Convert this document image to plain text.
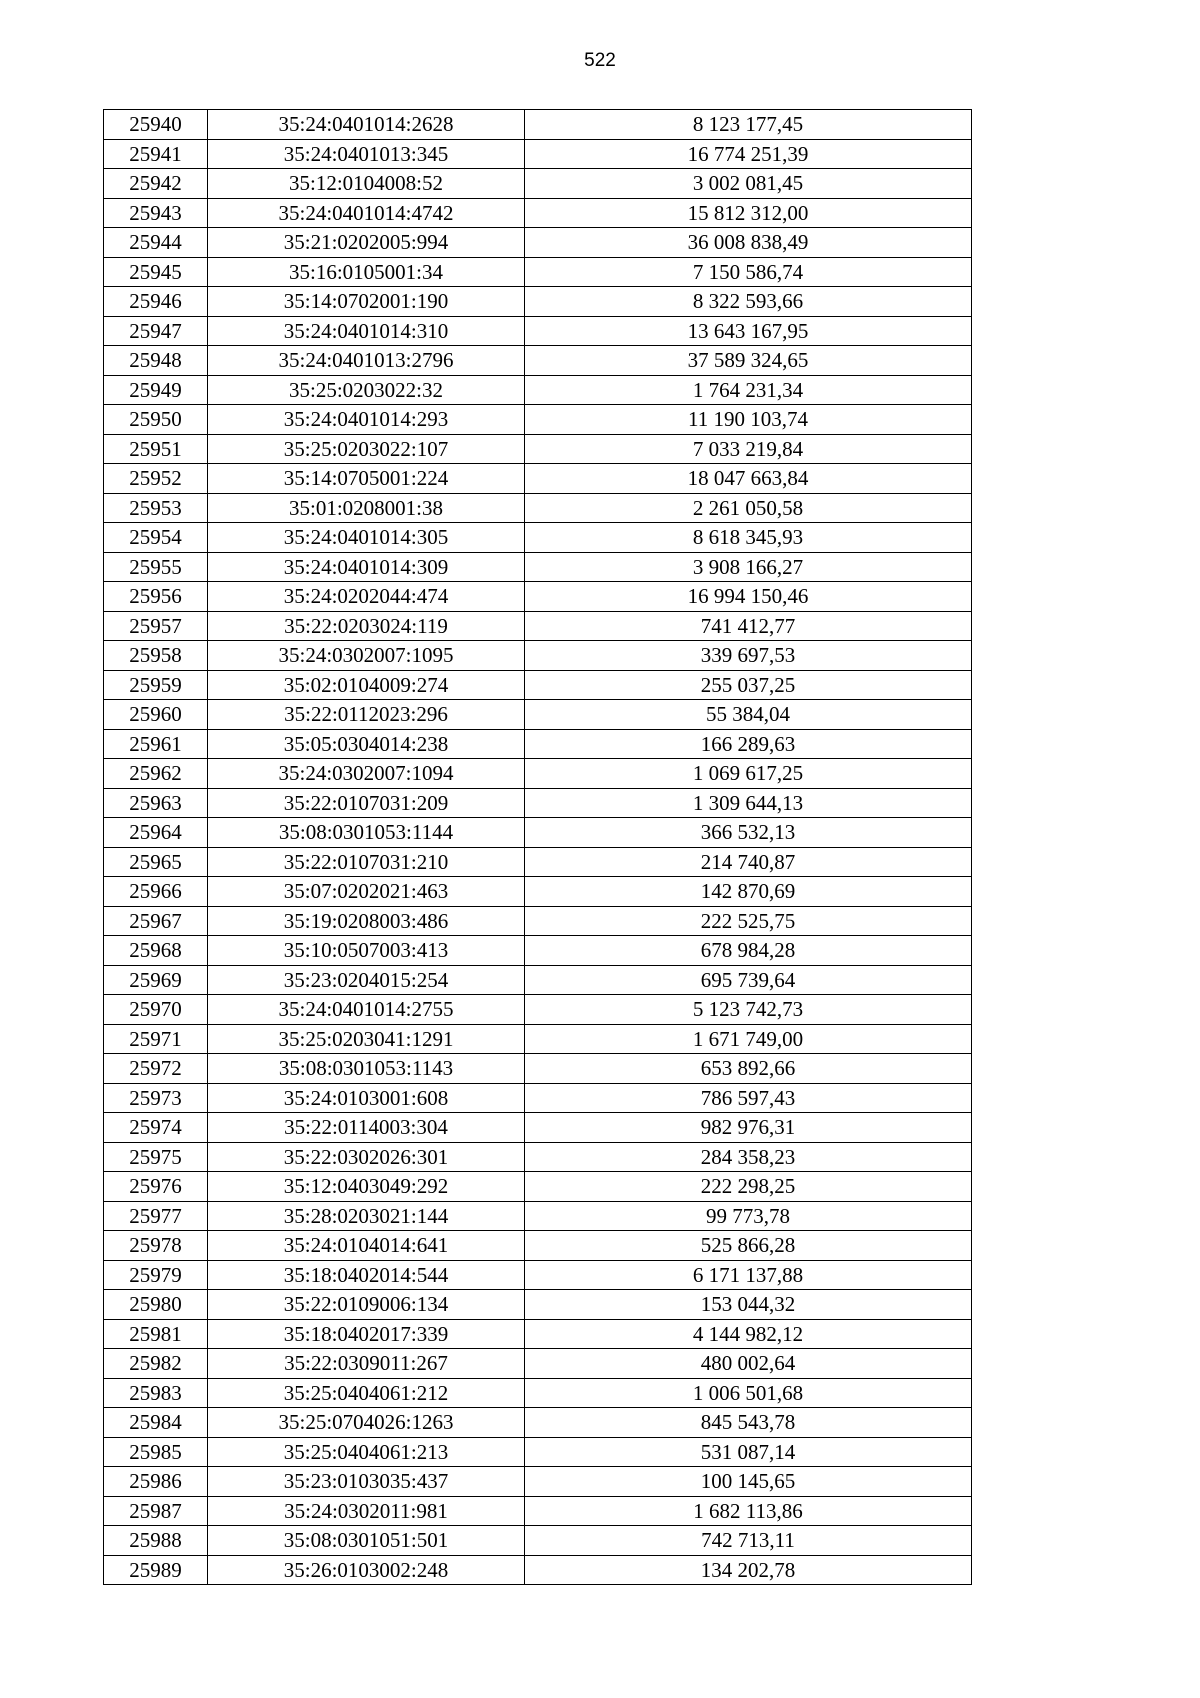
522
25940	35:24:0401014:2628	8 123 177,45
25941	35:24:0401013:345	16 774 251,39
25942	35:12:0104008:52	3 002 081,45
25943	35:24:0401014:4742	15 812 312,00
25944	35:21:0202005:994	36 008 838,49
25945	35:16:0105001:34	7 150 586,74
25946	35:14:0702001:190	8 322 593,66
25947	35:24:0401014:310	13 643 167,95
25948	35:24:0401013:2796	37 589 324,65
25949	35:25:0203022:32	1 764 231,34
25950	35:24:0401014:293	11 190 103,74
25951	35:25:0203022:107	7 033 219,84
25952	35:14:0705001:224	18 047 663,84
25953	35:01:0208001:38	2 261 050,58
25954	35:24:0401014:305	8 618 345,93
25955	35:24:0401014:309	3 908 166,27
25956	35:24:0202044:474	16 994 150,46
25957	35:22:0203024:119	741 412,77
25958	35:24:0302007:1095	339 697,53
25959	35:02:0104009:274	255 037,25
25960	35:22:0112023:296	55 384,04
25961	35:05:0304014:238	166 289,63
25962	35:24:0302007:1094	1 069 617,25
25963	35:22:0107031:209	1 309 644,13
25964	35:08:0301053:1144	366 532,13
25965	35:22:0107031:210	214 740,87
25966	35:07:0202021:463	142 870,69
25967	35:19:0208003:486	222 525,75
25968	35:10:0507003:413	678 984,28
25969	35:23:0204015:254	695 739,64
25970	35:24:0401014:2755	5 123 742,73
25971	35:25:0203041:1291	1 671 749,00
25972	35:08:0301053:1143	653 892,66
25973	35:24:0103001:608	786 597,43
25974	35:22:0114003:304	982 976,31
25975	35:22:0302026:301	284 358,23
25976	35:12:0403049:292	222 298,25
25977	35:28:0203021:144	99 773,78
25978	35:24:0104014:641	525 866,28
25979	35:18:0402014:544	6 171 137,88
25980	35:22:0109006:134	153 044,32
25981	35:18:0402017:339	4 144 982,12
25982	35:22:0309011:267	480 002,64
25983	35:25:0404061:212	1 006 501,68
25984	35:25:0704026:1263	845 543,78
25985	35:25:0404061:213	531 087,14
25986	35:23:0103035:437	100 145,65
25987	35:24:0302011:981	1 682 113,86
25988	35:08:0301051:501	742 713,11
25989	35:26:0103002:248	134 202,78
